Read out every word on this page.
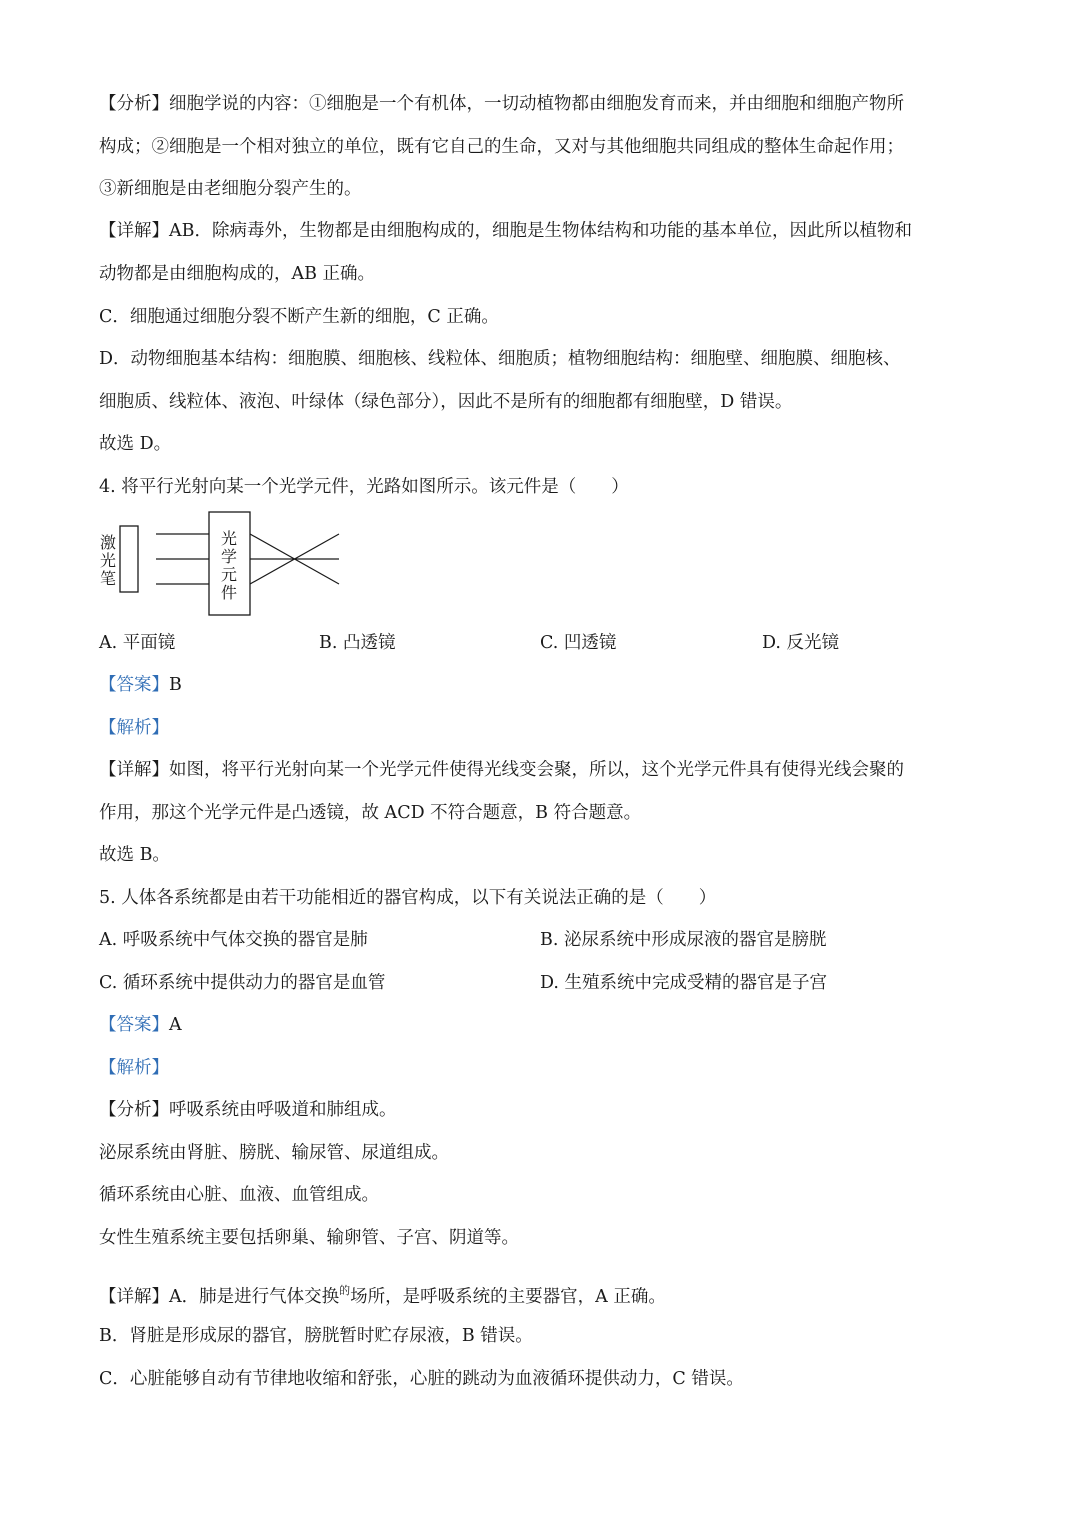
【分析】细胞学说的内容：①细胞是一个有机体，一切动植物都由细胞发育而来，并由细胞和细胞产物所
构成；②细胞是一个相对独立的单位，既有它自己的生命，又对与其他细胞共同组成的整体生命起作用；
③新细胞是由老细胞分裂产生的。
【详解】AB．除病毒外，生物都是由细胞构成的，细胞是生物体结构和功能的基本单位，因此所以植物和
动物都是由细胞构成的，AB 正确。
C．细胞通过细胞分裂不断产生新的细胞，C 正确。
D．动物细胞基本结构：细胞膜、细胞核、线粒体、细胞质；植物细胞结构：细胞壁、细胞膜、细胞核、
细胞质、线粒体、液泡、叶绿体（绿色部分），因此不是所有的细胞都有细胞壁，D 错误。
故选 D。
4. 将平行光射向某一个光学元件，光路如图所示。该元件是（　　）
激
光
笔
光
学
元
件
A. 平面镜	B. 凸透镜	C. 凹透镜	D. 反光镜
【答案】B
【解析】
【详解】如图，将平行光射向某一个光学元件使得光线变会聚，所以，这个光学元件具有使得光线会聚的
作用，那这个光学元件是凸透镜，故 ACD 不符合题意，B 符合题意。
故选 B。
5. 人体各系统都是由若干功能相近的器官构成，以下有关说法正确的是（　　）
A. 呼吸系统中气体交换的器官是肺	B. 泌尿系统中形成尿液的器官是膀胱
C. 循环系统中提供动力的器官是血管	D. 生殖系统中完成受精的器官是子宫
【答案】A
【解析】
【分析】呼吸系统由呼吸道和肺组成。
泌尿系统由肾脏、膀胱、输尿管、尿道组成。
循环系统由心脏、血液、血管组成。
女性生殖系统主要包括卵巢、输卵管、子宫、阴道等。
【详解】A．肺是进行气体交换$^的$场所，是呼吸系统的主要器官，A 正确。
B．肾脏是形成尿的器官，膀胱暂时贮存尿液，B 错误。
C．心脏能够自动有节律地收缩和舒张，心脏的跳动为血液循环提供动力，C 错误。
